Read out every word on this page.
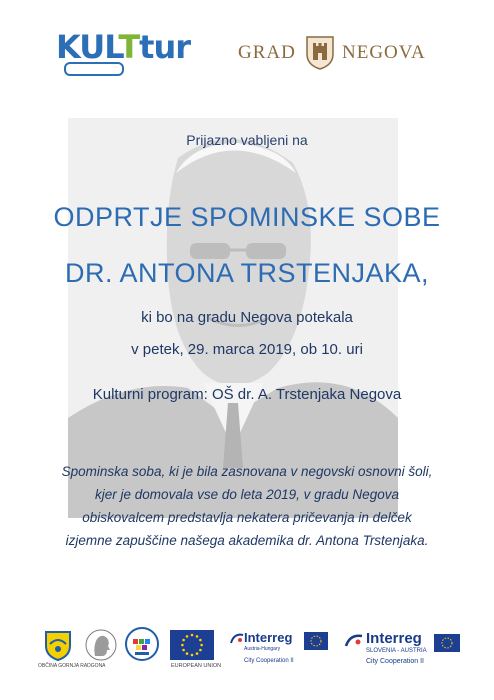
KULTtur	GRAD NEGOVA
Prijazno vabljeni na
ODPRTJE SPOMINSKE SOBE
DR. ANTONA TRSTENJAKA,
ki bo na gradu Negova potekala
v petek, 29. marca 2019, ob 10. uri
Kulturni program: OŠ dr. A. Trstenjaka Negova
Spominska soba, ki je bila zasnovana v negovski osnovni šoli,
kjer je domovala vse do leta 2019, v gradu Negova
obiskovalcem predstavlja nekatera pričevanja in delček
izjemne zapuščine našega akademika dr. Antona Trstenjaka.
OBČINA GORNJA RADGONA	EUROPEAN UNION
Interreg
Austria-Hungary
City Cooperation II
Interreg
SLOVENIA - AUSTRIA
City Cooperation II
